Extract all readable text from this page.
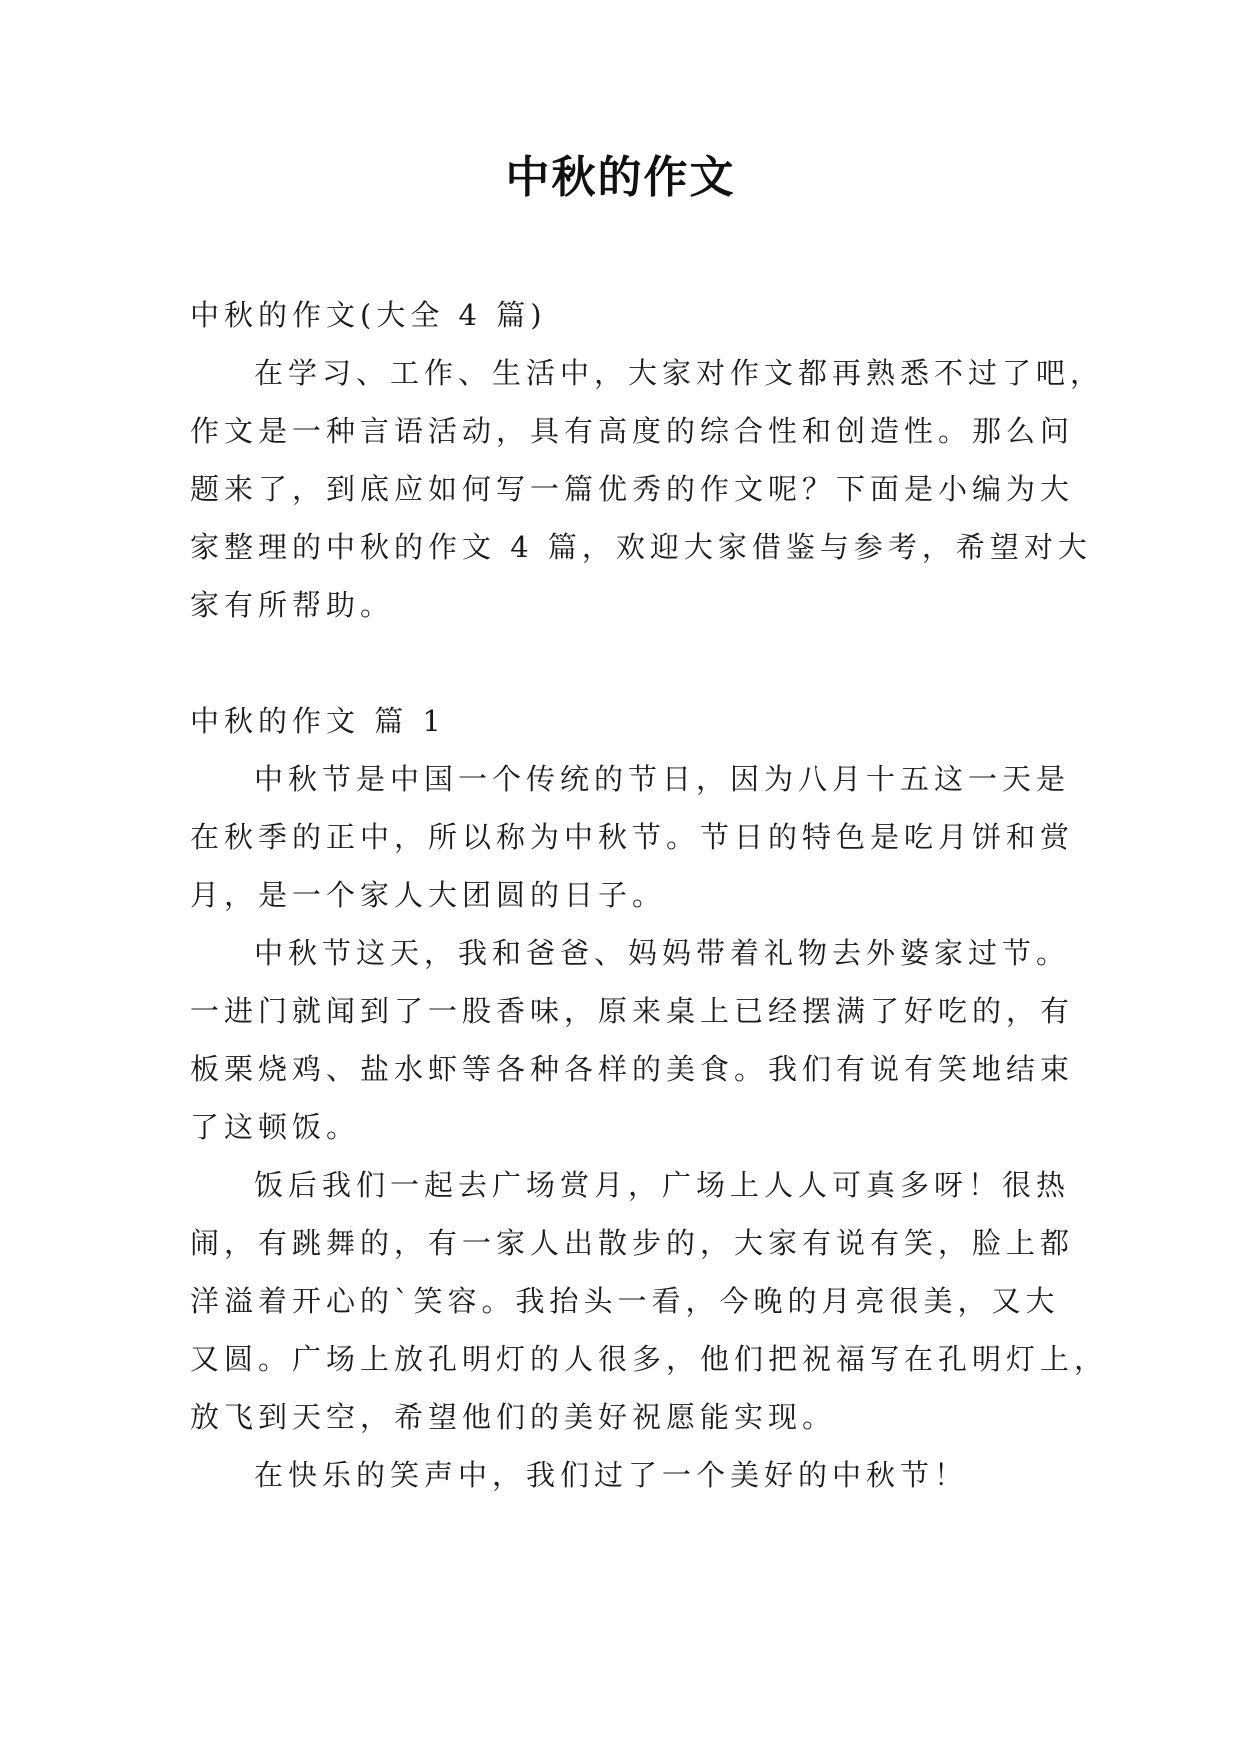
中秋的作文
中秋的作文(大全 4 篇)
在学习、工作、生活中，大家对作文都再熟悉不过了吧，
作文是一种言语活动，具有高度的综合性和创造性。那么问
题来了，到底应如何写一篇优秀的作文呢？下面是小编为大
家整理的中秋的作文 4 篇，欢迎大家借鉴与参考，希望对大
家有所帮助。
中秋的作文 篇 1
中秋节是中国一个传统的节日，因为八月十五这一天是
在秋季的正中，所以称为中秋节。节日的特色是吃月饼和赏
月，是一个家人大团圆的日子。
中秋节这天，我和爸爸、妈妈带着礼物去外婆家过节。
一进门就闻到了一股香味，原来桌上已经摆满了好吃的，有
板栗烧鸡、盐水虾等各种各样的美食。我们有说有笑地结束
了这顿饭。
饭后我们一起去广场赏月，广场上人人可真多呀！很热
闹，有跳舞的，有一家人出散步的，大家有说有笑，脸上都
洋溢着开心的`笑容。我抬头一看，今晚的月亮很美，又大
又圆。广场上放孔明灯的人很多，他们把祝福写在孔明灯上，
放飞到天空，希望他们的美好祝愿能实现。
在快乐的笑声中，我们过了一个美好的中秋节！
